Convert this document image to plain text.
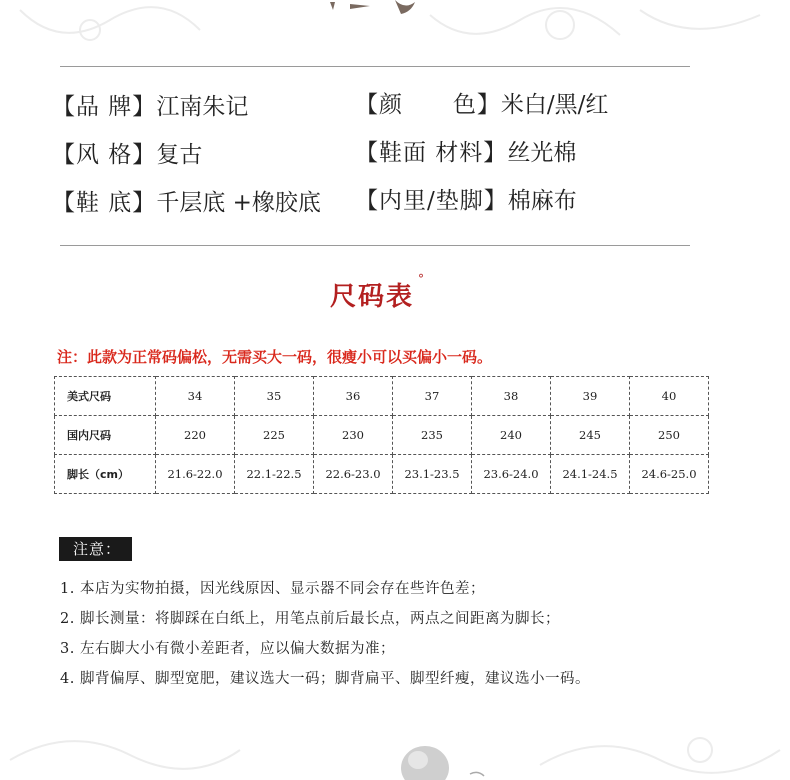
【品 牌】江南朱记
【风 格】复古
【鞋 底】千层底 +橡胶底
【颜      色】米白/黑/红
【鞋面 材料】丝光棉
【内里/垫脚】棉麻布
尺码表°
注：此款为正常码偏松，无需买大一码，很瘦小可以买偏小一码。
美式尺码	34	35	36	37	38	39	40
国内尺码	220	225	230	235	240	245	250
脚长（cm）	21.6-22.0	22.1-22.5	22.6-23.0	23.1-23.5	23.6-24.0	24.1-24.5	24.6-25.0
注意：
1. 本店为实物拍摄，因光线原因、显示器不同会存在些许色差；
2. 脚长测量：将脚踩在白纸上，用笔点前后最长点，两点之间距离为脚长；
3. 左右脚大小有微小差距者，应以偏大数据为准；
4. 脚背偏厚、脚型宽肥，建议选大一码；脚背扁平、脚型纤瘦，建议选小一码。
